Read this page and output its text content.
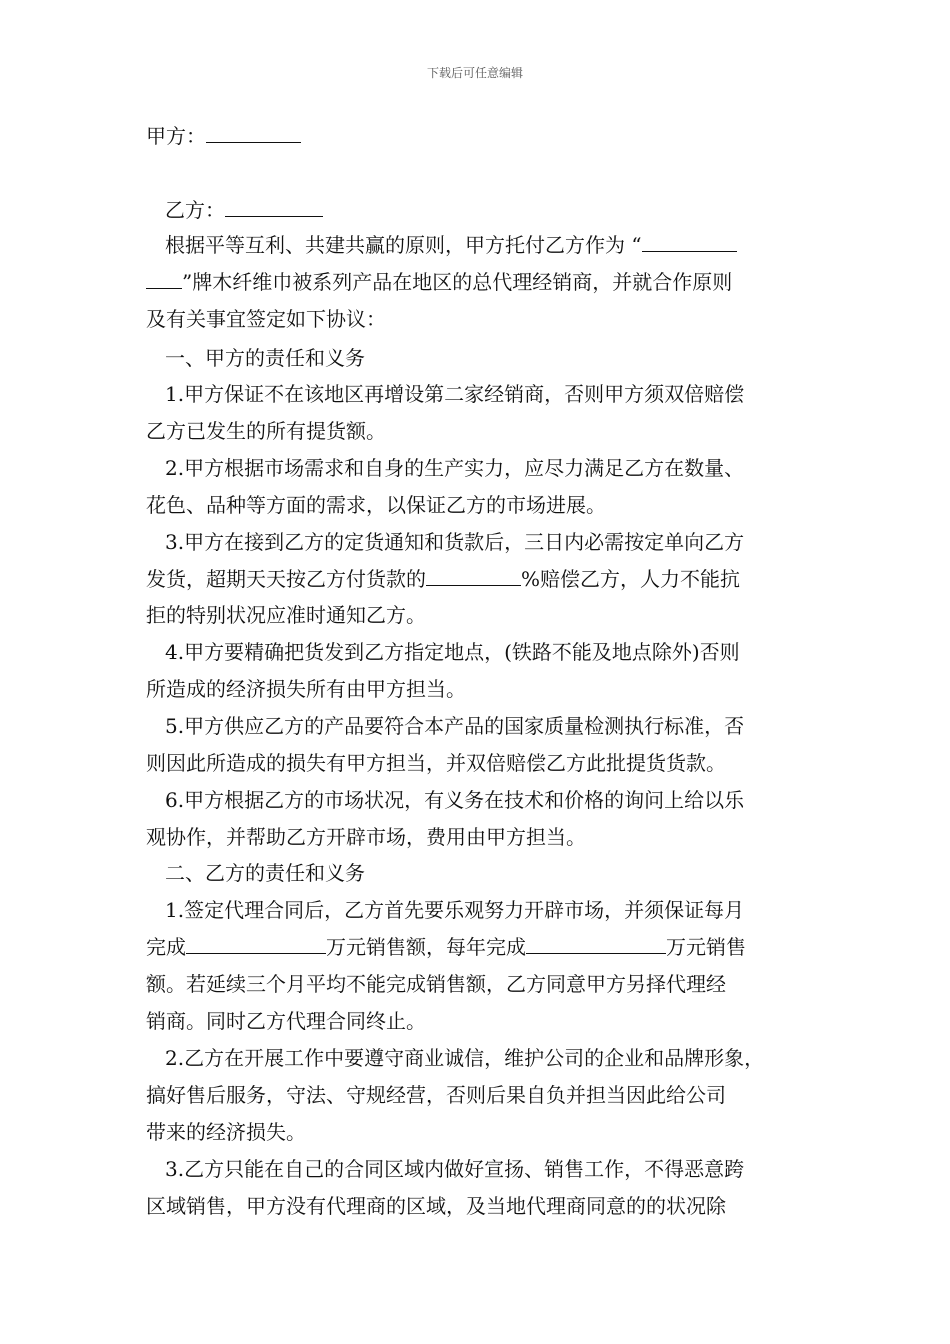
下载后可任意编辑
甲方：
乙方：
根据平等互利、共建共赢的原则，甲方托付乙方作为 “
”牌木纤维巾被系列产品在地区的总代理经销商，并就合作原则
及有关事宜签定如下协议：
一、甲方的责任和义务
1.甲方保证不在该地区再增设第二家经销商，否则甲方须双倍赔偿
乙方已发生的所有提货额。
2.甲方根据市场需求和自身的生产实力，应尽力满足乙方在数量、
花色、品种等方面的需求，以保证乙方的市场进展。
3.甲方在接到乙方的定货通知和货款后，三日内必需按定单向乙方
发货，超期天天按乙方付货款的	%赔偿乙方，人力不能抗
拒的特别状况应准时通知乙方。
4.甲方要精确把货发到乙方指定地点，(铁路不能及地点除外)否则
所造成的经济损失所有由甲方担当。
5.甲方供应乙方的产品要符合本产品的国家质量检测执行标准，否
则因此所造成的损失有甲方担当，并双倍赔偿乙方此批提货货款。
6.甲方根据乙方的市场状况，有义务在技术和价格的询问上给以乐
观协作，并帮助乙方开辟市场，费用由甲方担当。
二、乙方的责任和义务
1.签定代理合同后，乙方首先要乐观努力开辟市场，并须保证每月
完成	万元销售额，每年完成	万元销售
额。若延续三个月平均不能完成销售额，乙方同意甲方另择代理经
销商。同时乙方代理合同终止。
2.乙方在开展工作中要遵守商业诚信，维护公司的企业和品牌形象，
搞好售后服务，守法、守规经营，否则后果自负并担当因此给公司
带来的经济损失。
3.乙方只能在自己的合同区域内做好宣扬、销售工作，不得恶意跨
区域销售，甲方没有代理商的区域，及当地代理商同意的的状况除
